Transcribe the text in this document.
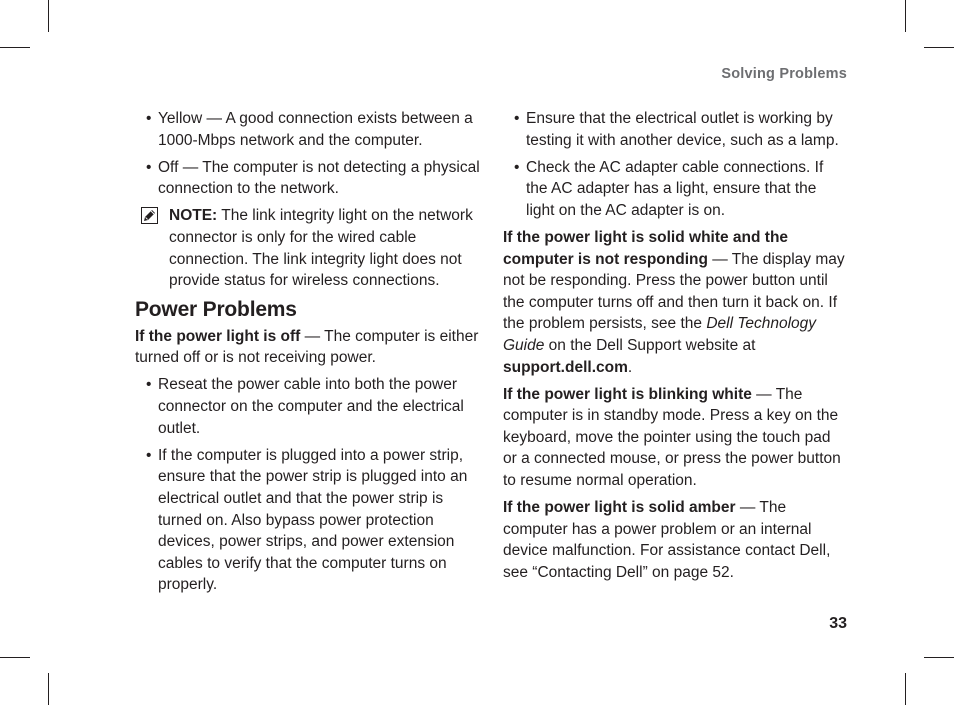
Solving Problems
33
• Yellow — A good connection exists between a 1000-Mbps network and the computer.
• Off — The computer is not detecting a physical connection to the network.
NOTE: The link integrity light on the network connector is only for the wired cable connection. The link integrity light does not provide status for wireless connections.
Power Problems
If the power light is off — The computer is either turned off or is not receiving power.
• Reseat the power cable into both the power connector on the computer and the electrical outlet.
• If the computer is plugged into a power strip, ensure that the power strip is plugged into an electrical outlet and that the power strip is turned on. Also bypass power protection devices, power strips, and power extension cables to verify that the computer turns on properly.
• Ensure that the electrical outlet is working by testing it with another device, such as a lamp.
• Check the AC adapter cable connections. If the AC adapter has a light, ensure that the light on the AC adapter is on.
If the power light is solid white and the computer is not responding — The display may not be responding. Press the power button until the computer turns off and then turn it back on. If the problem persists, see the Dell Technology Guide on the Dell Support website at support.dell.com.
If the power light is blinking white — The computer is in standby mode. Press a key on the keyboard, move the pointer using the touch pad or a connected mouse, or press the power button to resume normal operation.
If the power light is solid amber — The computer has a power problem or an internal device malfunction. For assistance contact Dell, see “Contacting Dell” on page 52.
